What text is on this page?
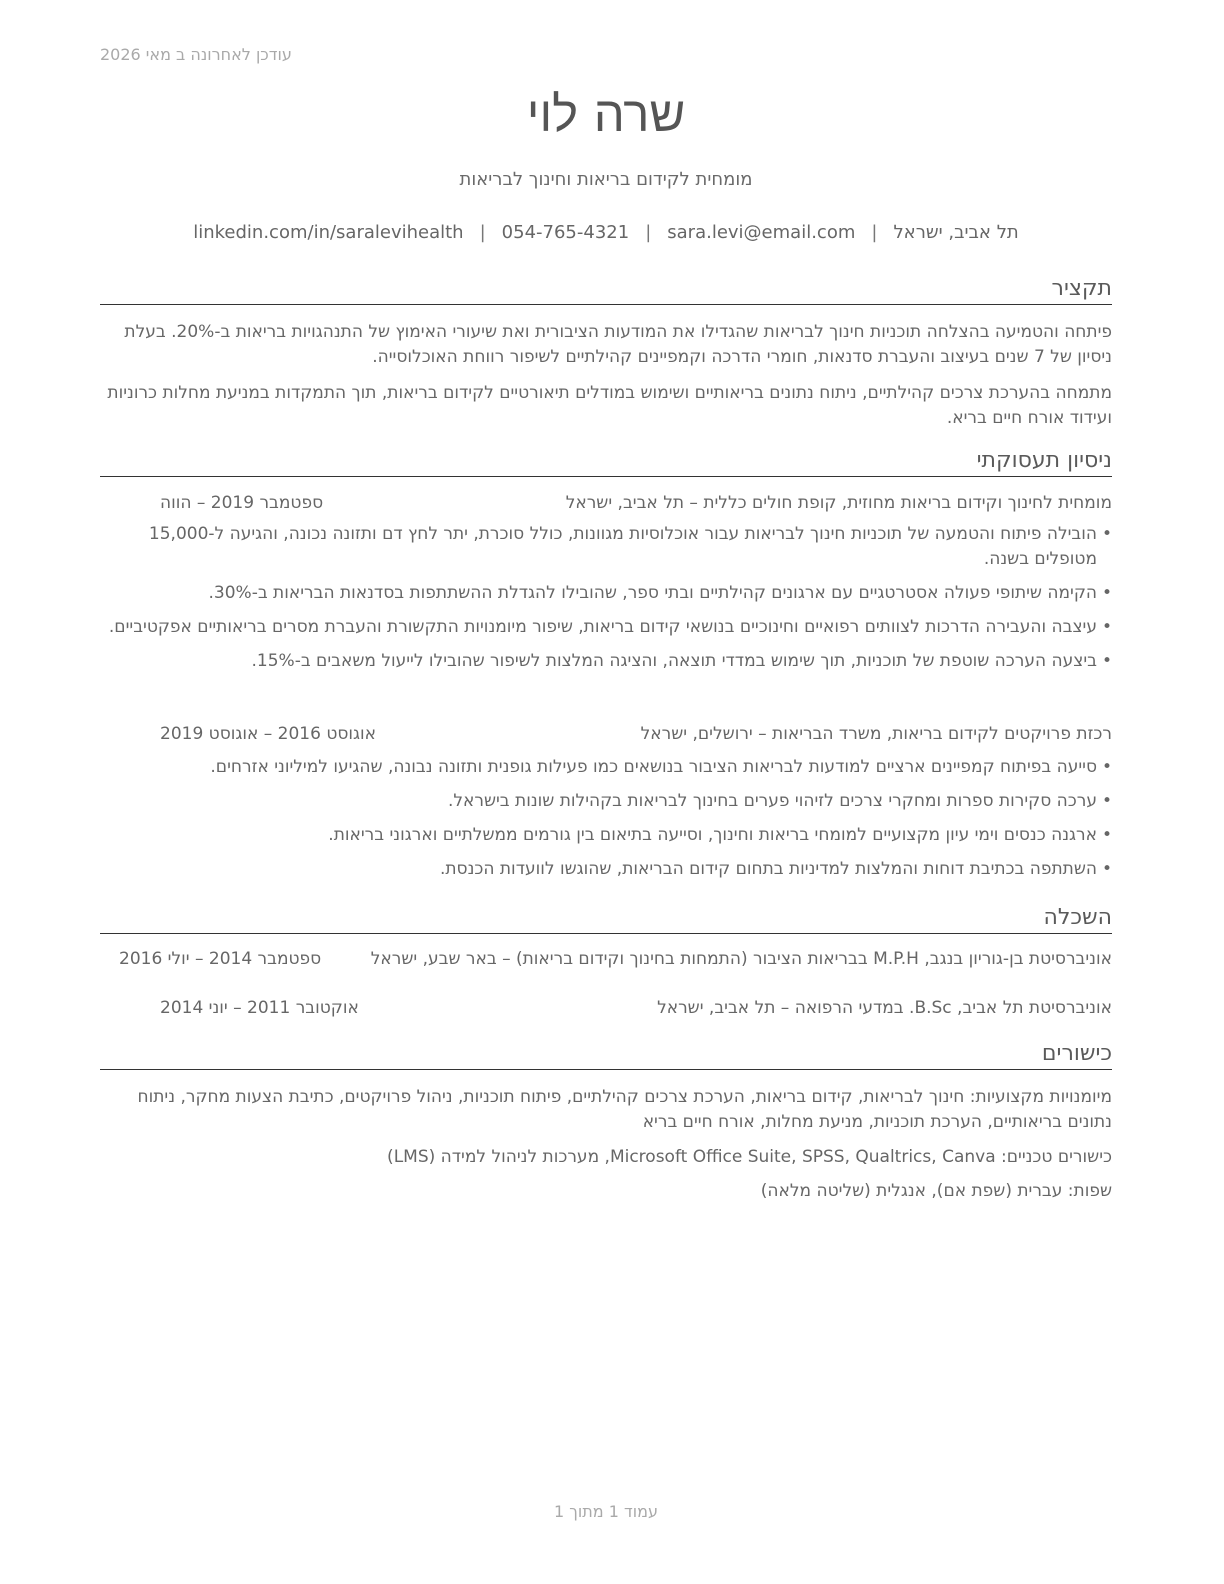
עודכן לאחרונה ב מאי 2026
שרה לוי
מומחית לקידום בריאות וחינוך לבריאות
תל אביב, ישראל|sara.levi@email.com|054-765-4321|linkedin.com/in/saralevihealth
תקציר
פיתחה והטמיעה בהצלחה תוכניות חינוך לבריאות שהגדילו את המודעות הציבורית ואת שיעורי האימוץ של התנהגויות בריאות ב-20%. בעלת ניסיון של 7 שנים בעיצוב והעברת סדנאות, חומרי הדרכה וקמפיינים קהילתיים לשיפור רווחת האוכלוסייה.
מתמחה בהערכת צרכים קהילתיים, ניתוח נתונים בריאותיים ושימוש במודלים תיאורטיים לקידום בריאות, תוך התמקדות במניעת מחלות כרוניות ועידוד אורח חיים בריא.
ניסיון תעסוקתי
מומחית לחינוך וקידום בריאות מחוזית, קופת חולים כללית – תל אביב, ישראל
ספטמבר 2019 – הווה
• הובילה פיתוח והטמעה של תוכניות חינוך לבריאות עבור אוכלוסיות מגוונות, כולל סוכרת, יתר לחץ דם ותזונה נכונה, והגיעה ל-15,000 מטופלים בשנה.
• הקימה שיתופי פעולה אסטרטגיים עם ארגונים קהילתיים ובתי ספר, שהובילו להגדלת ההשתתפות בסדנאות הבריאות ב-30%.
• עיצבה והעבירה הדרכות לצוותים רפואיים וחינוכיים בנושאי קידום בריאות, שיפור מיומנויות התקשורת והעברת מסרים בריאותיים אפקטיביים.
• ביצעה הערכה שוטפת של תוכניות, תוך שימוש במדדי תוצאה, והציגה המלצות לשיפור שהובילו לייעול משאבים ב-15%.
רכזת פרויקטים לקידום בריאות, משרד הבריאות – ירושלים, ישראל
אוגוסט 2016 – אוגוסט 2019
• סייעה בפיתוח קמפיינים ארציים למודעות לבריאות הציבור בנושאים כמו פעילות גופנית ותזונה נבונה, שהגיעו למיליוני אזרחים.
• ערכה סקירות ספרות ומחקרי צרכים לזיהוי פערים בחינוך לבריאות בקהילות שונות בישראל.
• ארגנה כנסים וימי עיון מקצועיים למומחי בריאות וחינוך, וסייעה בתיאום בין גורמים ממשלתיים וארגוני בריאות.
• השתתפה בכתיבת דוחות והמלצות למדיניות בתחום קידום הבריאות, שהוגשו לוועדות הכנסת.
השכלה
אוניברסיטת בן-גוריון בנגב, M.P.H בבריאות הציבור (התמחות בחינוך וקידום בריאות) – באר שבע, ישראל
ספטמבר 2014 – יולי 2016
אוניברסיטת תל אביב, B.Sc. במדעי הרפואה – תל אביב, ישראל
אוקטובר 2011 – יוני 2014
כישורים
מיומנויות מקצועיות: חינוך לבריאות, קידום בריאות, הערכת צרכים קהילתיים, פיתוח תוכניות, ניהול פרויקטים, כתיבת הצעות מחקר, ניתוח נתונים בריאותיים, הערכת תוכניות, מניעת מחלות, אורח חיים בריא
כישורים טכניים: Microsoft Office Suite, SPSS, Qualtrics, Canva, מערכות לניהול למידה (LMS)
שפות: עברית (שפת אם), אנגלית (שליטה מלאה)
עמוד 1 מתוך 1
